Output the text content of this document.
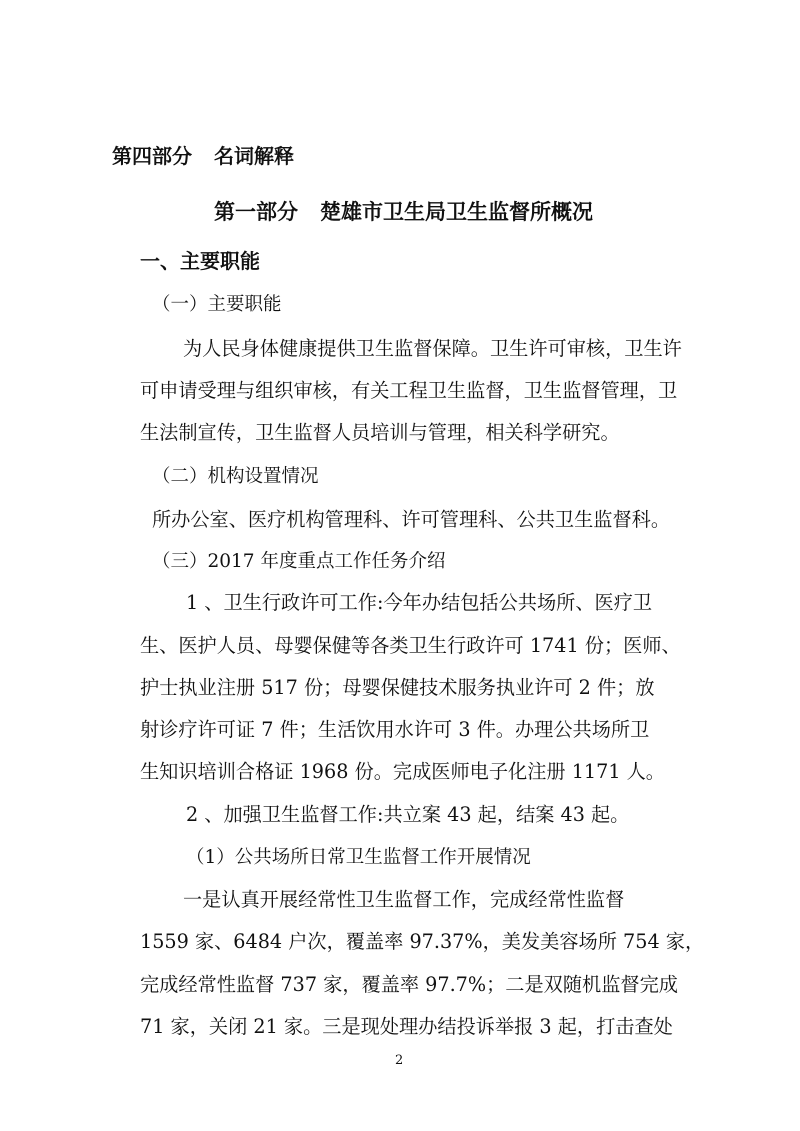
第四部分 名词解释
第一部分 楚雄市卫生局卫生监督所概况
一、主要职能
（一）主要职能
为人民身体健康提供卫生监督保障。卫生许可审核，卫生许
可申请受理与组织审核，有关工程卫生监督，卫生监督管理，卫
生法制宣传，卫生监督人员培训与管理，相关科学研究。
（二）机构设置情况
所办公室、医疗机构管理科、许可管理科、公共卫生监督科。
（三）2017 年度重点工作任务介绍
1 、卫生行政许可工作:今年办结包括公共场所、医疗卫
生、医护人员、母婴保健等各类卫生行政许可 1741 份；医师、
护士执业注册 517 份；母婴保健技术服务执业许可 2 件；放
射诊疗许可证 7 件；生活饮用水许可 3 件。办理公共场所卫
生知识培训合格证 1968 份。完成医师电子化注册 1171 人。
2 、加强卫生监督工作:共立案 43 起，结案 43 起。
（1）公共场所日常卫生监督工作开展情况
一是认真开展经常性卫生监督工作，完成经常性监督
1559 家、6484 户次，覆盖率 97.37%，美发美容场所 754 家，
完成经常性监督 737 家，覆盖率 97.7%；二是双随机监督完成
71 家，关闭 21 家。三是现处理办结投诉举报 3 起，打击查处
2
